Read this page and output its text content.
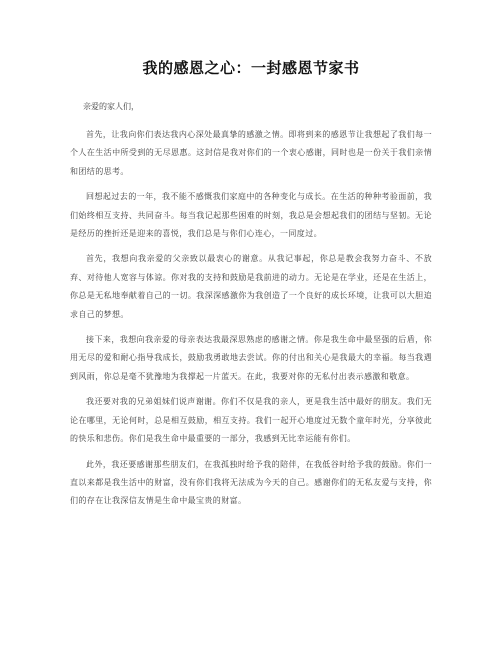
我的感恩之心：一封感恩节家书

亲爱的家人们，

首先，让我向你们表达我内心深处最真挚的感激之情。即将到来的感恩节让我想起了我们每一个人在生活中所受到的无尽恩惠。这封信是我对你们的一个衷心感谢，同时也是一份关于我们亲情和团结的思考。

回想起过去的一年，我不能不感慨我们家庭中的各种变化与成长。在生活的种种考验面前，我们始终相互支持、共同奋斗。每当我记起那些困难的时刻，我总是会想起我们的团结与坚韧。无论是经历的挫折还是迎来的喜悦，我们总是与你们心连心，一同度过。

首先，我想向我亲爱的父亲致以最衷心的谢意。从我记事起，你总是教会我努力奋斗、不放弃、对待他人宽容与体谅。你对我的支持和鼓励是我前进的动力。无论是在学业，还是在生活上，你总是无私地奉献着自己的一切。我深深感激你为我创造了一个良好的成长环境，让我可以大胆追求自己的梦想。

接下来，我想向我亲爱的母亲表达我最深思熟虑的感谢之情。你是我生命中最坚强的后盾，你用无尽的爱和耐心指导我成长，鼓励我勇敢地去尝试。你的付出和关心是我最大的幸福。每当我遇到风雨，你总是毫不犹豫地为我撑起一片蓝天。在此，我要对你的无私付出表示感激和敬意。

我还要对我的兄弟姐妹们说声谢谢。你们不仅是我的亲人，更是我生活中最好的朋友。我们无论在哪里，无论何时，总是相互鼓励，相互支持。我们一起开心地度过无数个童年时光，分享彼此的快乐和悲伤。你们是我生命中最重要的一部分，我感到无比幸运能有你们。

此外，我还要感谢那些朋友们，在我孤独时给予我的陪伴，在我低谷时给予我的鼓励。你们一直以来都是我生活中的财富，没有你们我将无法成为今天的自己。感谢你们的无私友爱与支持，你们的存在让我深信友情是生命中最宝贵的财富。
